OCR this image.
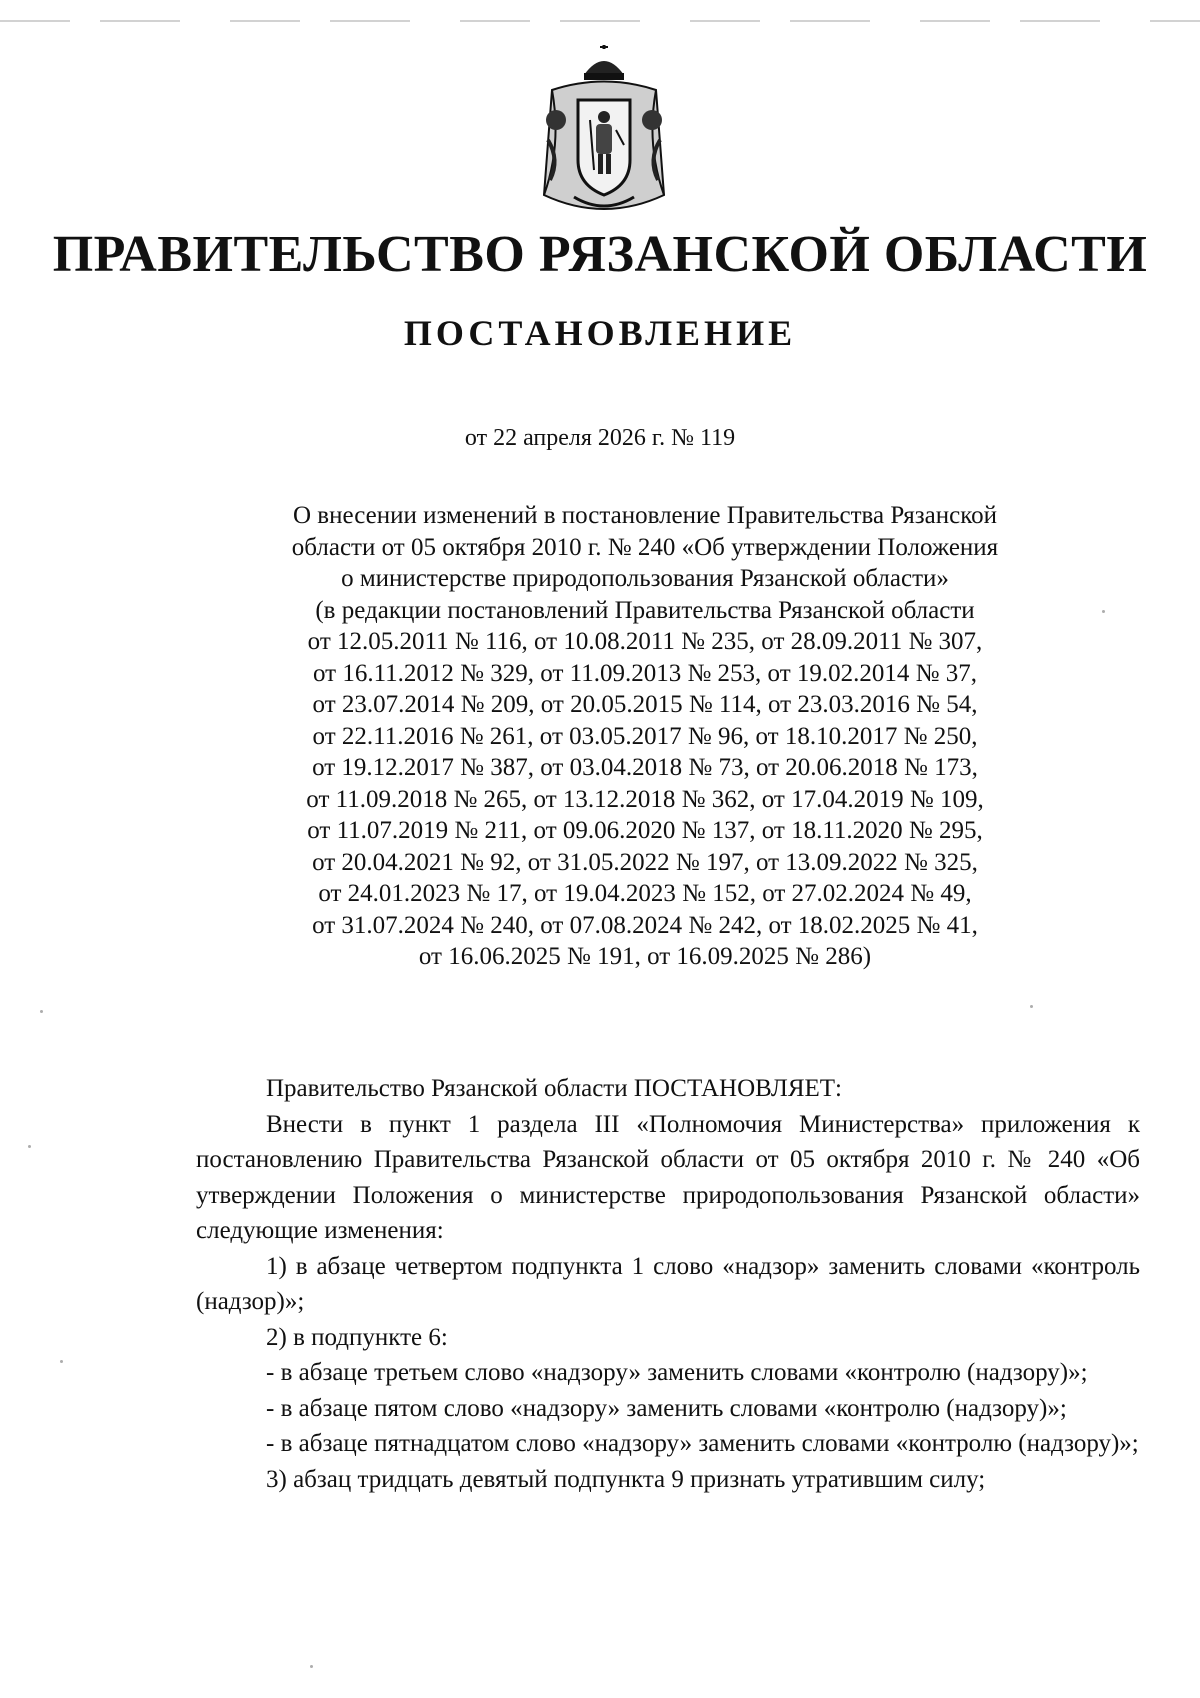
ПРАВИТЕЛЬСТВО РЯЗАНСКОЙ ОБЛАСТИ
ПОСТАНОВЛЕНИЕ
от 22 апреля 2026 г. № 119
О внесении изменений в постановление Правительства Рязанской
области от 05 октября 2010 г. № 240 «Об утверждении Положения
о министерстве природопользования Рязанской области»
(в редакции постановлений Правительства Рязанской области
от 12.05.2011 № 116, от 10.08.2011 № 235, от 28.09.2011 № 307,
от 16.11.2012 № 329, от 11.09.2013 № 253, от 19.02.2014 № 37,
от 23.07.2014 № 209, от 20.05.2015 № 114, от 23.03.2016 № 54,
от 22.11.2016 № 261, от 03.05.2017 № 96, от 18.10.2017 № 250,
от 19.12.2017 № 387, от 03.04.2018 № 73, от 20.06.2018 № 173,
от 11.09.2018 № 265, от 13.12.2018 № 362, от 17.04.2019 № 109,
от 11.07.2019 № 211, от 09.06.2020 № 137, от 18.11.2020 № 295,
от 20.04.2021 № 92, от 31.05.2022 № 197, от 13.09.2022 № 325,
от 24.01.2023 № 17, от 19.04.2023 № 152, от 27.02.2024 № 49,
от 31.07.2024 № 240, от 07.08.2024 № 242, от 18.02.2025 № 41,
от 16.06.2025 № 191, от 16.09.2025 № 286)

Правительство Рязанской области ПОСТАНОВЛЯЕТ:

Внести в пункт 1 раздела III «Полномочия Министерства» приложения к постановлению Правительства Рязанской области от 05 октября 2010 г. № 240 «Об утверждении Положения о министерстве природопользования Рязанской области» следующие изменения:

1) в абзаце четвертом подпункта 1 слово «надзор» заменить словами «контроль (надзор)»;

2) в подпункте 6:

- в абзаце третьем слово «надзору» заменить словами «контролю (надзору)»;

- в абзаце пятом слово «надзору» заменить словами «контролю (надзору)»;

- в абзаце пятнадцатом слово «надзору» заменить словами «контролю (надзору)»;

3) абзац тридцать девятый подпункта 9 признать утратившим силу;
